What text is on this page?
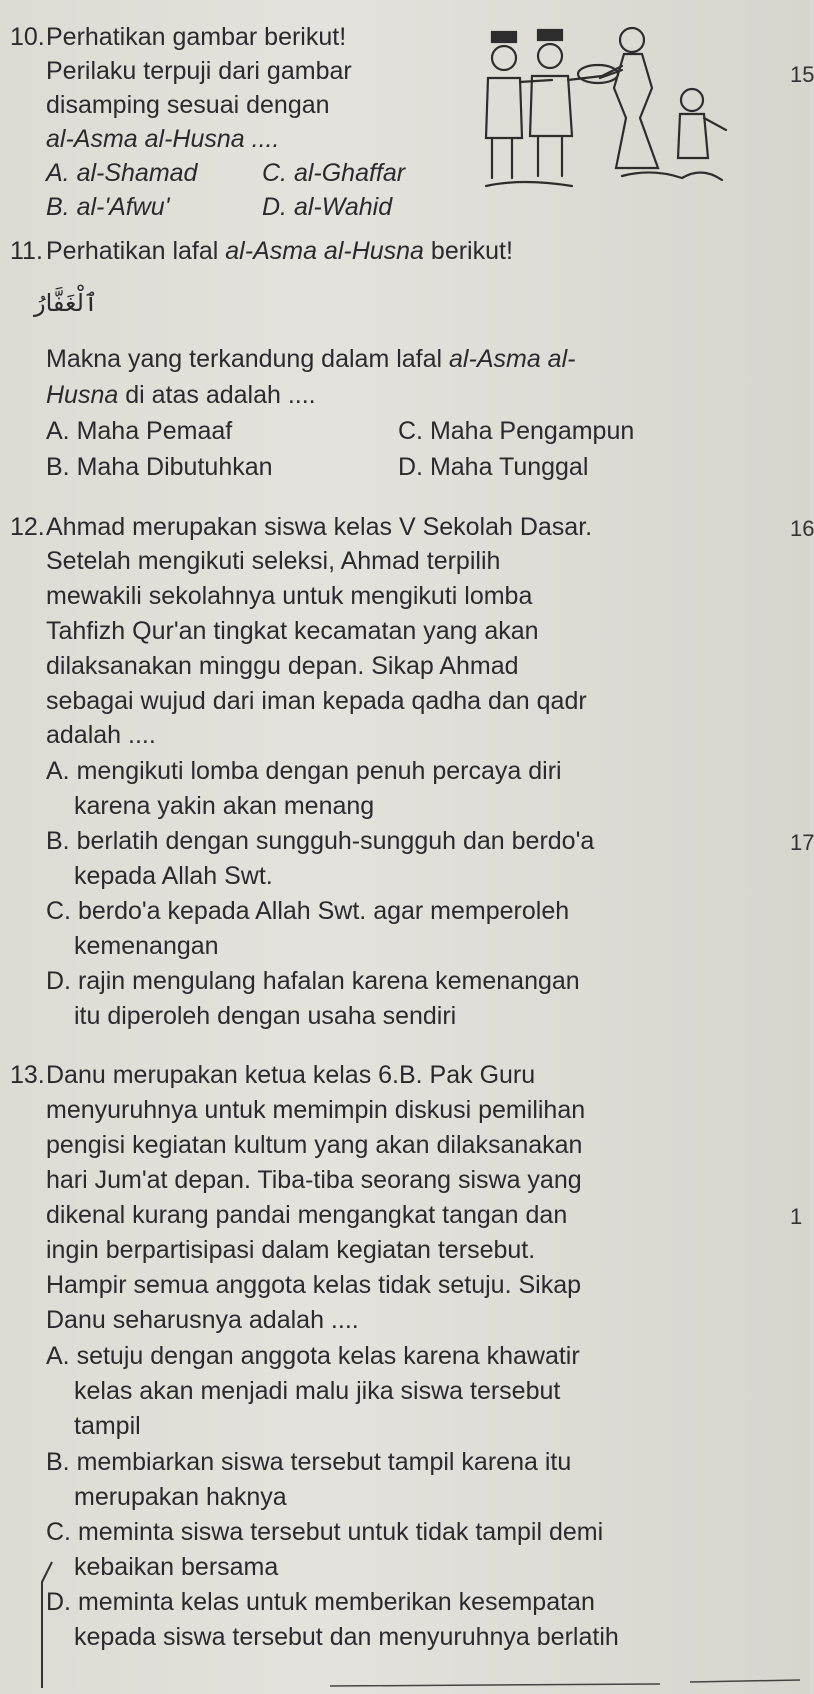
10. Perhatikan gambar berikut!
Perilaku terpuji dari gambar
disamping sesuai dengan
al-Asma al-Husna ....
A. al-Shamad	C. al-Ghaffar
B. al-'Afwu'	D. al-Wahid
11. Perhatikan lafal al-Asma al-Husna berikut!
ٱلْغَفَّارُ
Makna yang terkandung dalam lafal al-Asma al-
Husna di atas adalah ....
A. Maha Pemaaf	C. Maha Pengampun
B. Maha Dibutuhkan	D. Maha Tunggal
12. Ahmad merupakan siswa kelas V Sekolah Dasar.
Setelah mengikuti seleksi, Ahmad terpilih
mewakili sekolahnya untuk mengikuti lomba
Tahfizh Qur'an tingkat kecamatan yang akan
dilaksanakan minggu depan. Sikap Ahmad
sebagai wujud dari iman kepada qadha dan qadr
adalah ....
A. mengikuti lomba dengan penuh percaya diri
karena yakin akan menang
B. berlatih dengan sungguh-sungguh dan berdo'a
kepada Allah Swt.
C. berdo'a kepada Allah Swt. agar memperoleh
kemenangan
D. rajin mengulang hafalan karena kemenangan
itu diperoleh dengan usaha sendiri
13. Danu merupakan ketua kelas 6.B. Pak Guru
menyuruhnya untuk memimpin diskusi pemilihan
pengisi kegiatan kultum yang akan dilaksanakan
hari Jum'at depan. Tiba-tiba seorang siswa yang
dikenal kurang pandai mengangkat tangan dan
ingin berpartisipasi dalam kegiatan tersebut.
Hampir semua anggota kelas tidak setuju. Sikap
Danu seharusnya adalah ....
A. setuju dengan anggota kelas karena khawatir
kelas akan menjadi malu jika siswa tersebut
tampil
B. membiarkan siswa tersebut tampil karena itu
merupakan haknya
C. meminta siswa tersebut untuk tidak tampil demi
kebaikan bersama
D. meminta kelas untuk memberikan kesempatan
kepada siswa tersebut dan menyuruhnya berlatih
15
16
17
1
